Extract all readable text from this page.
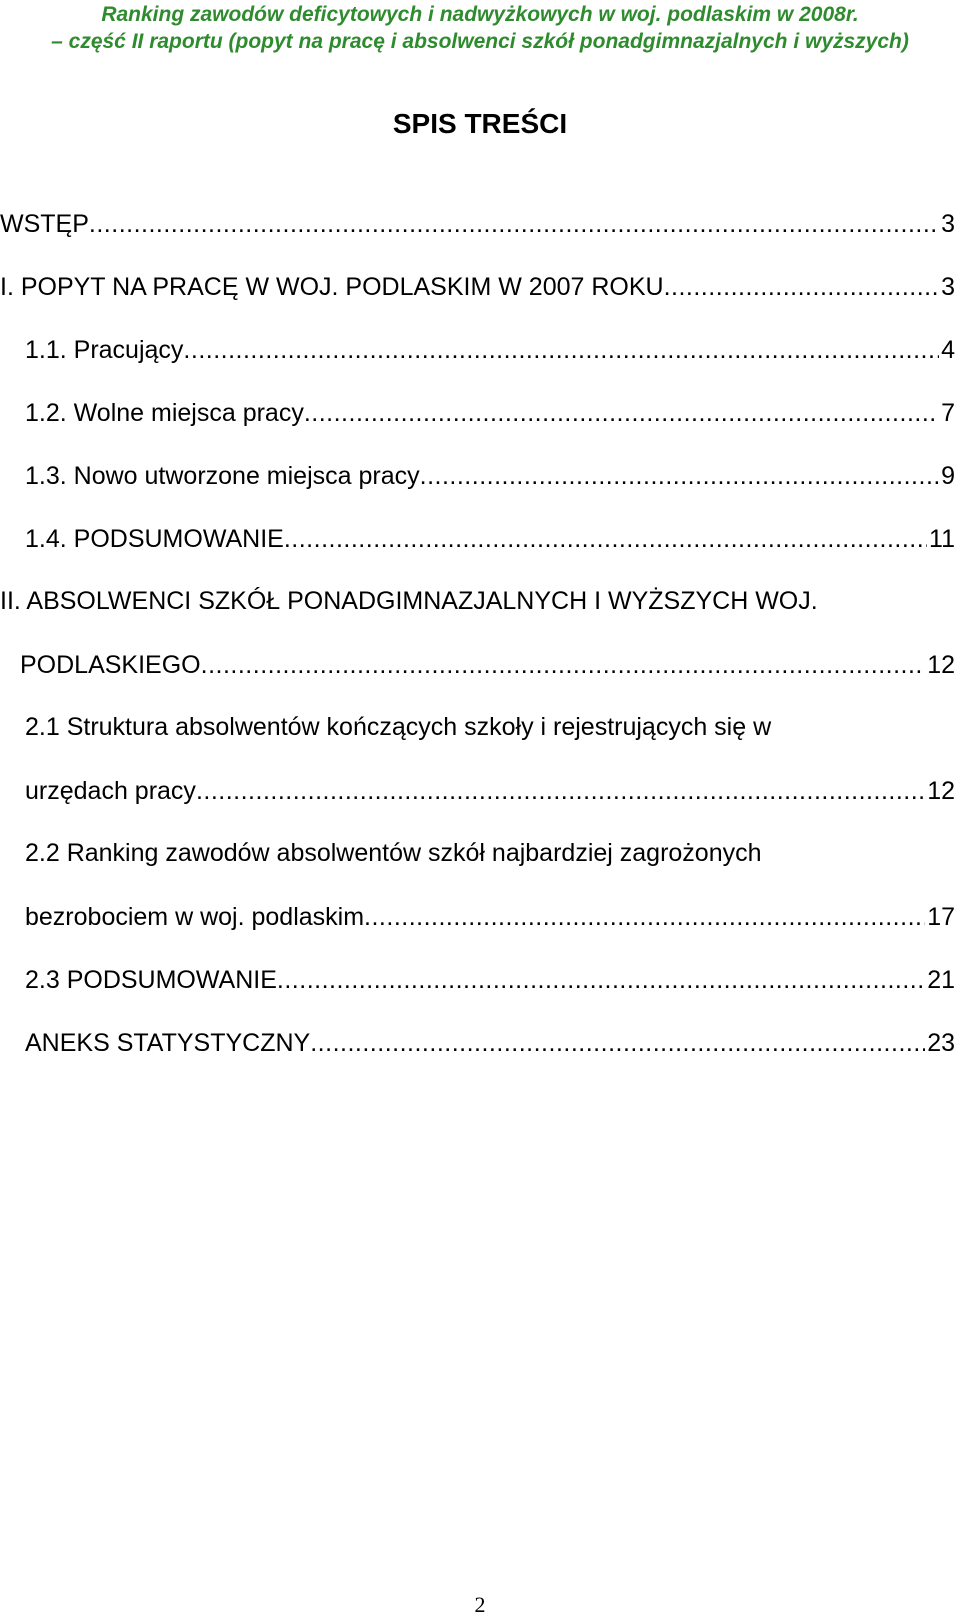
Ranking zawodów deficytowych i nadwyżkowych w woj. podlaskim w 2008r.
– część II raportu (popyt na pracę i absolwenci szkół ponadgimnazjalnych i wyższych)
SPIS TREŚCI
WSTĘP .....	3
I. POPYT NA PRACĘ W WOJ. PODLASKIM W 2007 ROKU .....	3
1.1. Pracujący .....	4
1.2. Wolne miejsca pracy .....	7
1.3. Nowo utworzone miejsca pracy .....	9
1.4. PODSUMOWANIE .....	11
II. ABSOLWENCI SZKÓŁ PONADGIMNAZJALNYCH I WYŻSZYCH WOJ.
PODLASKIEGO .....	12
2.1 Struktura absolwentów kończących szkoły i rejestrujących się w
urzędach pracy .....	12
2.2 Ranking zawodów absolwentów szkół najbardziej zagrożonych
bezrobociem w woj. podlaskim .....	17
2.3 PODSUMOWANIE .....	21
ANEKS STATYSTYCZNY .....	23
2
